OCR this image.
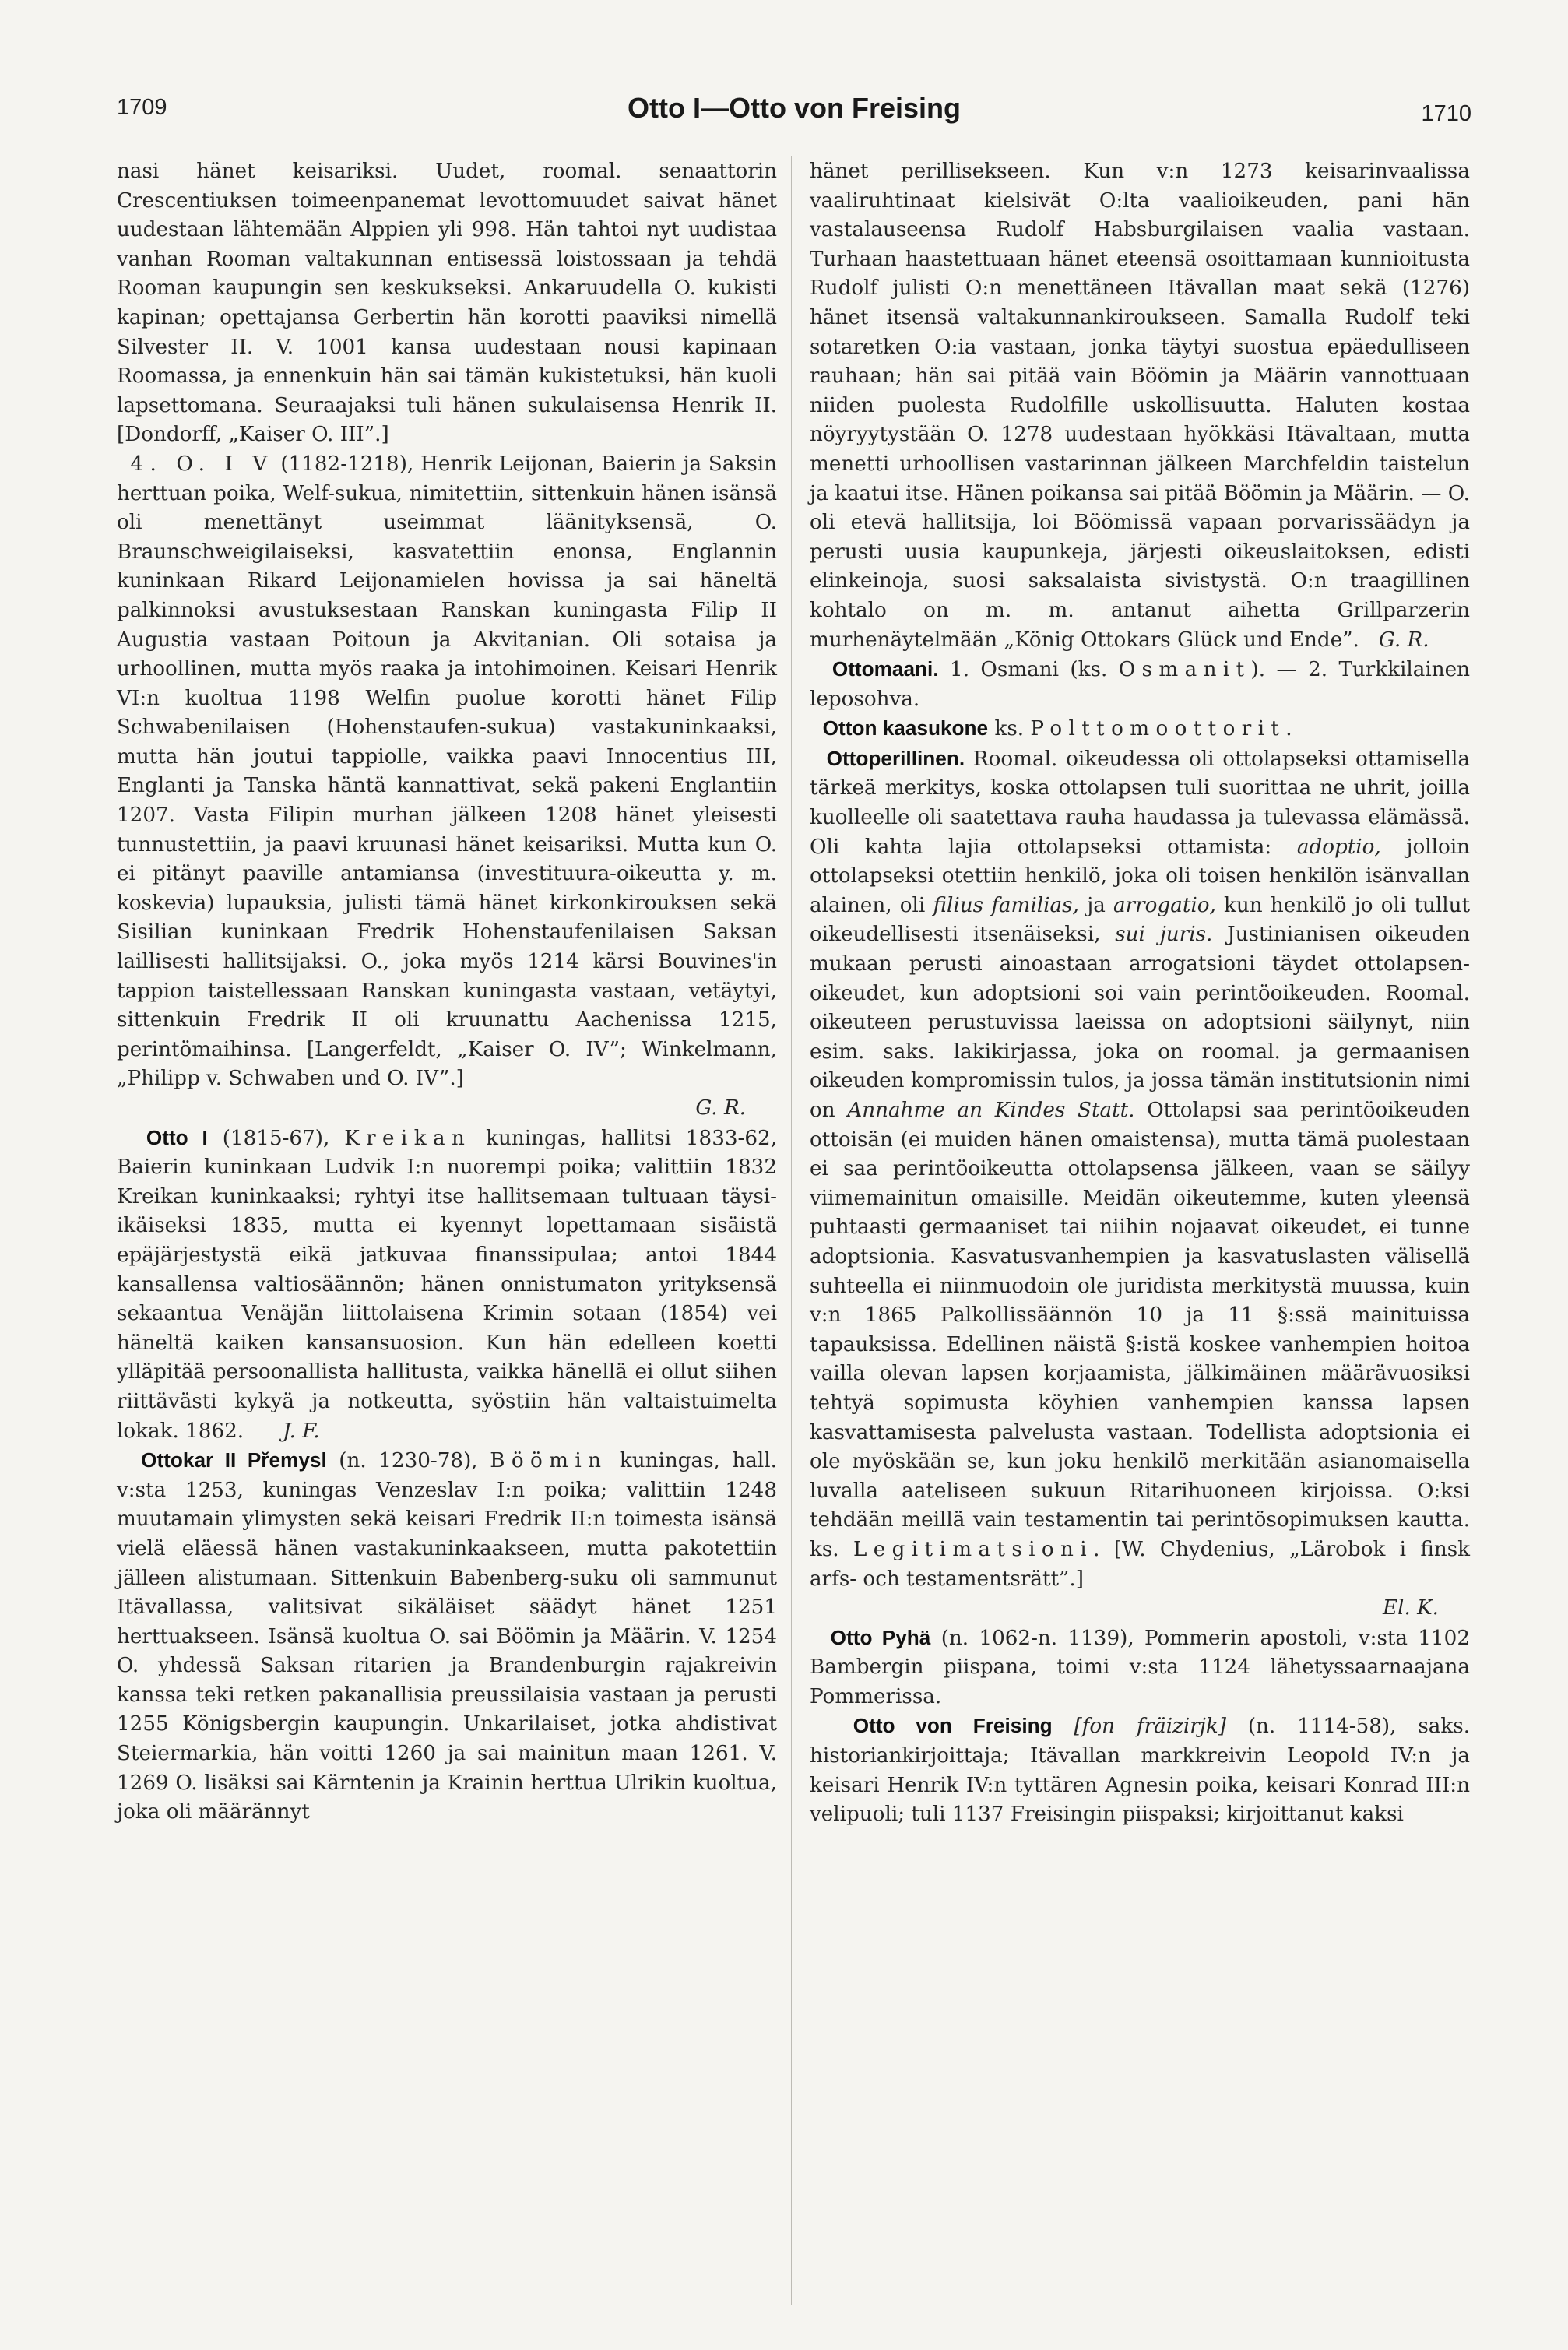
1709	Otto I—Otto von Freising	1710

nasi hänet keisariksi. Uudet, roomal. senaattorin Crescentiuksen toimeenpanemat levottomuudet saivat hänet uudestaan lähtemään Alppien yli 998. Hän tahtoi nyt uudistaa vanhan Rooman valtakunnan entisessä loistossaan ja tehdä Rooman kaupungin sen keskukseksi. Ankaruudella O. kukisti kapinan; opettajansa Gerbertin hän korotti paaviksi nimellä Silvester II. V. 1001 kansa uudestaan nousi kapinaan Roomassa, ja ennenkuin hän sai tämän kukistetuksi, hän kuoli lapsettomana. Seuraajaksi tuli hänen sukulaisensa Henrik II. [Dondorff, „Kaiser O. III”.]

4. O. I V (1182-1218), Henrik Leijonan, Baierin ja Saksin herttuan poika, Welf-sukua, nimitettiin, sittenkuin hänen isänsä oli menettänyt useimmat läänityksensä, O. Braunschweigilaiseksi, kasvatettiin enonsa, Englannin kuninkaan Rikard Leijonamielen hovissa ja sai häneltä palkinnoksi avustuksestaan Ranskan kuningasta Filip II Augustia vastaan Poitoun ja Akvitanian. Oli sotaisa ja urhoollinen, mutta myös raaka ja intohimoinen. Keisari Henrik VI:n kuoltua 1198 Welfin puolue korotti hänet Filip Schwabenilaisen (Hohenstaufen-sukua) vastakuninkaaksi, mutta hän joutui tappiolle, vaikka paavi Innocentius III, Englanti ja Tanska häntä kannattivat, sekä pakeni Englantiin 1207. Vasta Filipin murhan jälkeen 1208 hänet yleisesti tunnustettiin, ja paavi kruunasi hänet keisariksi. Mutta kun O. ei pitänyt paaville antamiansa (investituura-oikeutta y. m. koskevia) lupauksia, julisti tämä hänet kirkonkirouksen sekä Sisilian kuninkaan Fredrik Hohenstaufenilaisen Saksan laillisesti hallitsijaksi. O., joka myös 1214 kärsi Bouvines'in tappion taistellessaan Ranskan kuningasta vastaan, vetäytyi, sittenkuin Fredrik II oli kruunattu Aachenissa 1215, perintömaihinsa. [Langerfeldt, „Kaiser O. IV”; Winkelmann, „Philipp v. Schwaben und O. IV”.]
G. R.

Otto I (1815-67), Kreikan kuningas, hallitsi 1833-62, Baierin kuninkaan Ludvik I:n nuorempi poika; valittiin 1832 Kreikan kuninkaaksi; ryhtyi itse hallitsemaan tultuaan täysi-ikäiseksi 1835, mutta ei kyennyt lopettamaan sisäistä epäjärjestystä eikä jatkuvaa finanssipulaa; antoi 1844 kansallensa valtiosäännön; hänen onnistumaton yrityksensä sekaantua Venäjän liittolaisena Krimin sotaan (1854) vei häneltä kaiken kansansuosion. Kun hän edelleen koetti ylläpitää persoonallista hallitusta, vaikka hänellä ei ollut siihen riittävästi kykyä ja notkeutta, syöstiin hän valtaistuimelta lokak. 1862. J. F.

Ottokar II Přemysl (n. 1230-78), Böömin kuningas, hall. v:sta 1253, kuningas Venzeslav I:n poika; valittiin 1248 muutamain ylimysten sekä keisari Fredrik II:n toimesta isänsä vielä eläessä hänen vastakuninkaakseen, mutta pakotettiin jälleen alistumaan. Sittenkuin Babenberg-suku oli sammunut Itävallassa, valitsivat sikäläiset säädyt hänet 1251 herttuakseen. Isänsä kuoltua O. sai Böömin ja Määrin. V. 1254 O. yhdessä Saksan ritarien ja Brandenburgin rajakreivin kanssa teki retken pakanallisia preussilaisia vastaan ja perusti 1255 Königsbergin kaupungin. Unkarilaiset, jotka ahdistivat Steiermarkia, hän voitti 1260 ja sai mainitun maan 1261. V. 1269 O. lisäksi sai Kärntenin ja Krainin herttua Ulrikin kuoltua, joka oli määrännyt

hänet perillisekseen. Kun v:n 1273 keisarinvaalissa vaaliruhtinaat kielsivät O:lta vaalioikeuden, pani hän vastalauseensa Rudolf Habsburgilaisen vaalia vastaan. Turhaan haastettuaan hänet eteensä osoittamaan kunnioitusta Rudolf julisti O:n menettäneen Itävallan maat sekä (1276) hänet itsensä valtakunnankiroukseen. Samalla Rudolf teki sotaretken O:ia vastaan, jonka täytyi suostua epäedulliseen rauhaan; hän sai pitää vain Böömin ja Määrin vannottuaan niiden puolesta Rudolfille uskollisuutta. Haluten kostaa nöyryytystään O. 1278 uudestaan hyökkäsi Itävaltaan, mutta menetti urhoollisen vastarinnan jälkeen Marchfeldin taistelun ja kaatui itse. Hänen poikansa sai pitää Böömin ja Määrin. — O. oli etevä hallitsija, loi Böömissä vapaan porvarissäädyn ja perusti uusia kaupunkeja, järjesti oikeuslaitoksen, edisti elinkeinoja, suosi saksalaista sivistystä. O:n traagillinen kohtalo on m. m. antanut aihetta Grillparzerin murhenäytelmään „König Ottokars Glück und Ende”. G. R.

Ottomaani. 1. Osmani (ks. Osmanit). — 2. Turkkilainen leposohva.

Otton kaasukone ks. Polttomoottorit.

Ottoperillinen. Roomal. oikeudessa oli ottolapseksi ottamisella tärkeä merkitys, koska ottolapsen tuli suorittaa ne uhrit, joilla kuolleelle oli saatettava rauha haudassa ja tulevassa elämässä. Oli kahta lajia ottolapseksi ottamista: adoptio, jolloin ottolapseksi otettiin henkilö, joka oli toisen henkilön isänvallan alainen, oli filius familias, ja arrogatio, kun henkilö jo oli tullut oikeudellisesti itsenäiseksi, sui juris. Justinianisen oikeuden mukaan perusti ainoastaan arrogatsioni täydet ottolapsen-oikeudet, kun adoptsioni soi vain perintöoikeuden. Roomal. oikeuteen perustuvissa laeissa on adoptsioni säilynyt, niin esim. saks. lakikirjassa, joka on roomal. ja germaanisen oikeuden kompromissin tulos, ja jossa tämän institutsionin nimi on Annahme an Kindes Statt. Ottolapsi saa perintöoikeuden ottoisän (ei muiden hänen omaistensa), mutta tämä puolestaan ei saa perintöoikeutta ottolapsensa jälkeen, vaan se säilyy viimemainitun omaisille. Meidän oikeutemme, kuten yleensä puhtaasti germaaniset tai niihin nojaavat oikeudet, ei tunne adoptsionia. Kasvatusvanhempien ja kasvatuslasten välisellä suhteella ei niinmuodoin ole juridista merkitystä muussa, kuin v:n 1865 Palkollissäännön 10 ja 11 §:ssä mainituissa tapauksissa. Edellinen näistä §:istä koskee vanhempien hoitoa vailla olevan lapsen korjaamista, jälkimäinen määrävuosiksi tehtyä sopimusta köyhien vanhempien kanssa lapsen kasvattamisesta palvelusta vastaan. Todellista adoptsionia ei ole myöskään se, kun joku henkilö merkitään asianomaisella luvalla aateliseen sukuun Ritarihuoneen kirjoissa. O:ksi tehdään meillä vain testamentin tai perintösopimuksen kautta. ks. Legitimatsioni. [W. Chydenius, „Lärobok i finsk arfs- och testamentsrätt”.]
El. K.

Otto Pyhä (n. 1062-n. 1139), Pommerin apostoli, v:sta 1102 Bambergin piispana, toimi v:sta 1124 lähetyssaarnaajana Pommerissa.

Otto von Freising [fon fräizirjk] (n. 1114-58), saks. historiankirjoittaja; Itävallan markkreivin Leopold IV:n ja keisari Henrik IV:n tyttären Agnesin poika, keisari Konrad III:n velipuoli; tuli 1137 Freisingin piispaksi; kirjoittanut kaksi
